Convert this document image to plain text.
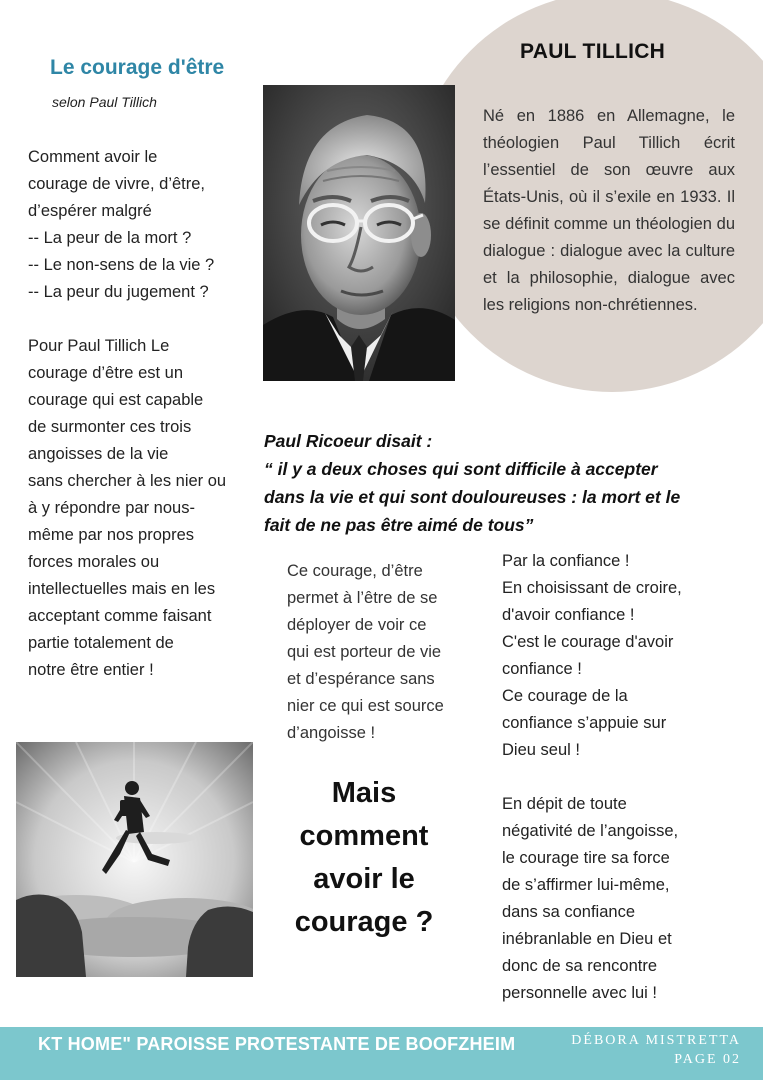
Le courage d'être
selon Paul Tillich

Comment avoir le
courage de vivre, d’être,
d’espérer malgré
-- La peur de la mort ?
-- Le non-sens de la vie ?
-- La peur du jugement ?

Pour Paul Tillich Le
courage d’être est un
courage qui est capable
de surmonter ces trois
angoisses de la vie
sans chercher à les nier ou
à y répondre par nous-
même par nos propres
forces morales ou
intellectuelles mais en les
acceptant comme faisant
partie totalement de
notre être entier !

PAUL TILLICH
Né en 1886 en Allemagne, le théologien Paul Tillich écrit l’essentiel de son œuvre aux États-Unis, où il s’exile en 1933. Il se définit comme un théologien du dialogue : dialogue avec la culture et la philosophie, dialogue avec les religions non-chrétiennes.
Paul Ricoeur disait :
“ il y a deux choses qui sont difficile à accepter
dans la vie et qui sont douloureuses : la mort et le
fait de ne pas être aimé de tous”
Ce courage, d’être
permet à l’être de se
déployer de voir ce
qui est porteur de vie
et d’espérance sans
nier ce qui est source
d’angoisse !
Mais
comment
avoir le
courage ?
Par la confiance !
En choisissant de croire,
d'avoir confiance !
C'est le courage d'avoir
confiance !
Ce courage de la
confiance s’appuie sur
Dieu seul !
En dépit de toute
négativité de l’angoisse,
le courage tire sa force
de s’affirmer lui-même,
dans sa confiance
inébranlable en Dieu et
donc de sa rencontre
personnelle avec lui !
KT HOME" PAROISSE PROTESTANTE DE BOOFZHEIM	DÉBORA MISTRETTA
PAGE 02
